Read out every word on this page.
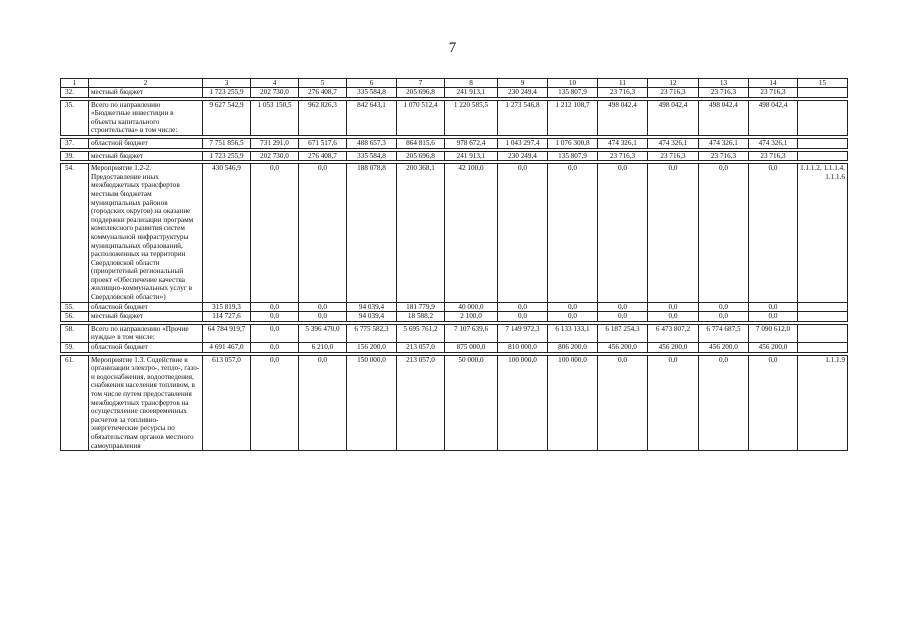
7
1	2	3	4	5	6	7	8	9	10	11	12	13	14	15
32.	местный бюджет	1 723 255,9	202 730,0	276 408,7	335 584,8	205 696,8	241 913,1	230 249,4	135 807,9	23 716,3	23 716,3	23 716,3	23 716,3	

35.	Всего по направлению «Бюджетные инвестиции в объекты капитального строительства» в том числе:	9 627 542,9	1 053 150,5	962 826,3	842 643,1	1 070 512,4	1 220 585,5	1 273 546,8	1 212 108,7	498 042,4	498 042,4	498 042,4	498 042,4	

37.	областной бюджет	7 751 856,5	731 291,0	671 517,6	488 657,3	864 815,6	978 672,4	1 043 297,4	1 076 300,8	474 326,1	474 326,1	474 326,1	474 326,1	

39.	местный бюджет	1 723 255,9	202 730,0	276 408,7	335 584,8	205 696,8	241 913,1	230 249,4	135 807,9	23 716,3	23 716,3	23 716,3	23 716,3	

54.	Мероприятие 1.2-2. Предоставление иных межбюджетных трансфертов местным бюджетам муниципальных районов (городских округов) на оказание поддержки реализации программ комплексного развития систем коммунальной инфраструктуры муниципальных образований, расположенных на территории Свердловской области (приоритетный региональный проект «Обеспечение качества жилищно-коммунальных услуг в Свердловской области»)	430 546,9	0,0	0,0	188 078,8	200 368,1	42 100,0	0,0	0,0	0,0	0,0	0,0	0,0	1.1.1.2, 1.1.1.4, 1.1.1.6
55.	областной бюджет	315 819,3	0,0	0,0	94 039,4	181 779,9	40 000,0	0,0	0,0	0,0	0,0	0,0	0,0	
56.	местный бюджет	114 727,6	0,0	0,0	94 039,4	18 588,2	2 100,0	0,0	0,0	0,0	0,0	0,0	0,0	

58.	Всего по направлению «Прочие нужды» в том числе:	64 784 919,7	0,0	5 396 470,0	6 775 582,3	5 695 761,2	7 107 639,6	7 149 972,3	6 133 133,1	6 187 254,3	6 473 807,2	6 774 687,5	7 090 612,0	
59.	областной бюджет	4 691 467,0	0,0	6 210,0	156 200,0	213 057,0	875 000,0	810 000,0	806 200,0	456 200,0	456 200,0	456 200,0	456 200,0	

61.	Мероприятие 1.3. Содействие в организации электро-, тепло-, газо- и водоснабжения, водоотведения, снабжения населения топливом, в том числе путем предоставления межбюджетных трансфертов на осуществление своевременных расчетов за топливно-энергетические ресурсы по обязательствам органов местного самоуправления	613 057,0	0,0	0,0	150 000,0	213 057,0	50 000,0	100 000,0	100 000,0	0,0	0,0	0,0	0,0	1.1.1.9
